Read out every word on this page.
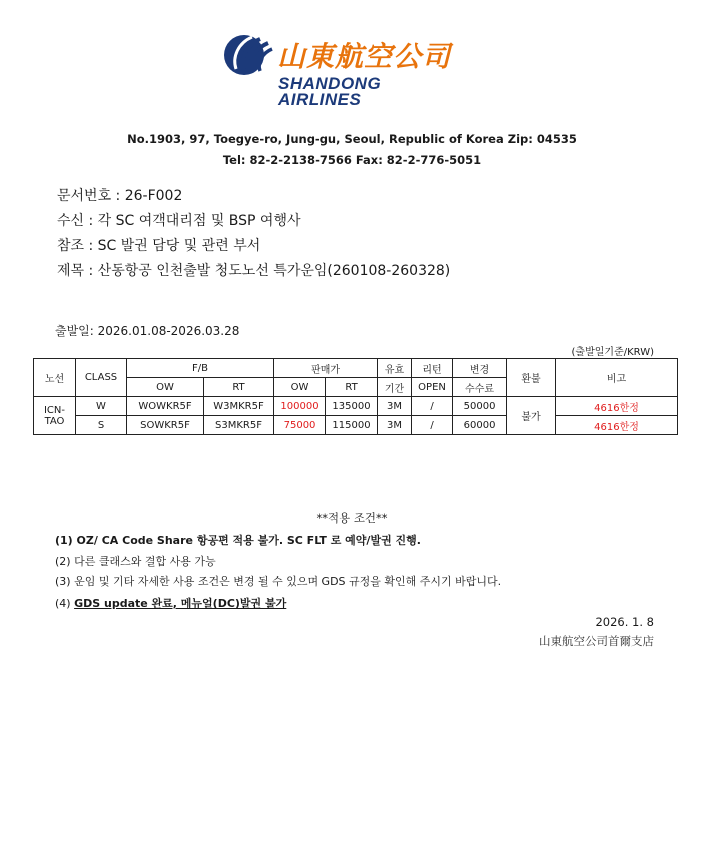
山東航空公司
SHANDONG
AIRLINES
No.1903, 97, Toegye-ro, Jung-gu, Seoul, Republic of Korea Zip: 04535
Tel: 82-2-2138-7566 Fax: 82-2-776-5051
문서번호 : 26-F002
수신 : 각 SC 여객대리점 및 BSP 여행사
참조 : SC 발권 담당 및 관련 부서
제목 : 산동항공 인천출발 청도노선 특가운임(260108-260328)
출발일: 2026.01.08-2026.03.28
(출발일기준/KRW)
노선	CLASS	F/B		판매가		유효	리턴	변경	환불	비고
		OW	RT	OW	RT	기간	OPEN	수수료		
ICN-
TAO	W	WOWKR5F	W3MKR5F	100000	135000	3M	/	50000	불가	4616한정
	S	SOWKR5F	S3MKR5F	75000	115000	3M	/	60000		4616한정
**적용 조건**
(1) OZ/ CA Code Share 항공편 적용 불가. SC FLT 로 예약/발권 진행.
(2) 다른 클래스와 결합 사용 가능
(3) 운임 및 기타 자세한 사용 조건은 변경 될 수 있으며 GDS 규정을 확인해 주시기 바랍니다.
(4) GDS update 완료, 메뉴얼(DC)발권 불가
2026. 1. 8
山東航空公司首爾支店
